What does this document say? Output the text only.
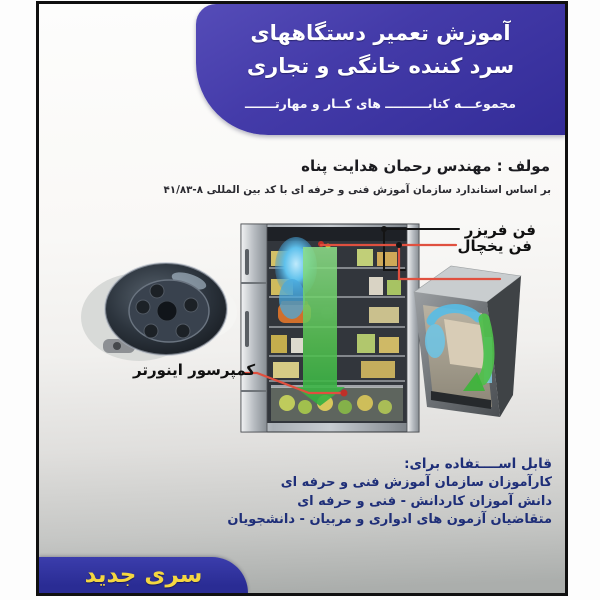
آموزش تعمیر دستگاههای
سرد کننده خانگی و تجاری
مجموعـــه کتابــــــــــ های کــار و مهارتـــــــ
مولف : مهندس رحمان هدایت پناه
بر اساس استاندارد سازمان آموزش فنی و حرفه ای با کد بین المللی ۸-۴۱/۸۳
فن فریزر
فن یخچال
کمپرسور اینورتر
قابل اســــتفاده برای:
کارآموزان سازمان آموزش فنی و حرفه ای
دانش آموزان کاردانش - فنی و حرفه ای
متقاضیان آزمون های ادواری و مربیان - دانشجویان
سری جدید
